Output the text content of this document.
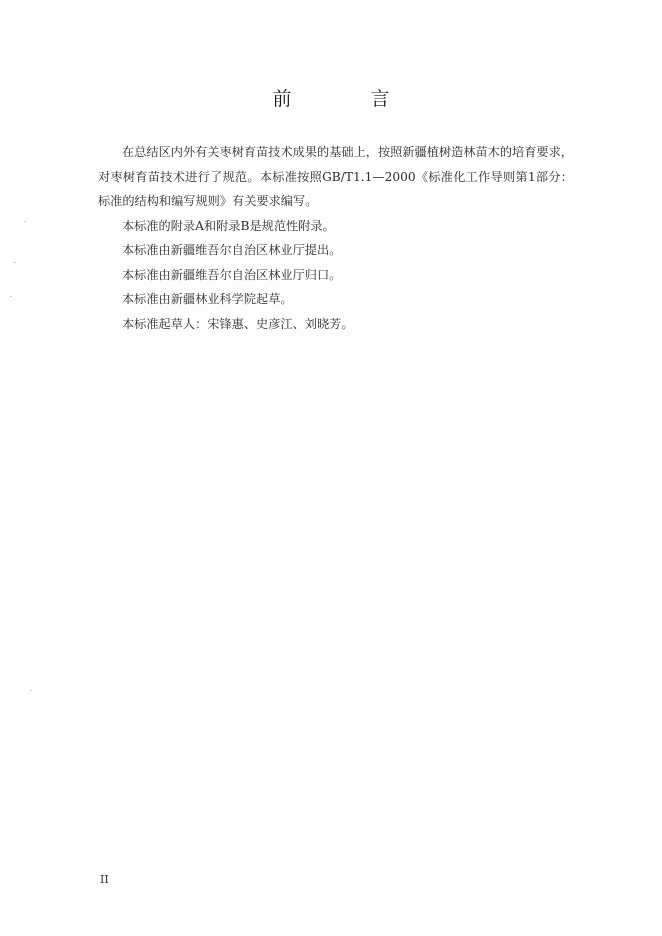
前　言

在总结区内外有关枣树育苗技术成果的基础上，按照新疆植树造林苗木的培育要求，对枣树育苗技术进行了规范。本标准按照GB/T1.1—2000《标准化工作导则第1部分：标准的结构和编写规则》有关要求编写。

本标准的附录A和附录B是规范性附录。

本标准由新疆维吾尔自治区林业厅提出。

本标准由新疆维吾尔自治区林业厅归口。

本标准由新疆林业科学院起草。

本标准起草人：宋锋惠、史彦江、刘晓芳。

II
